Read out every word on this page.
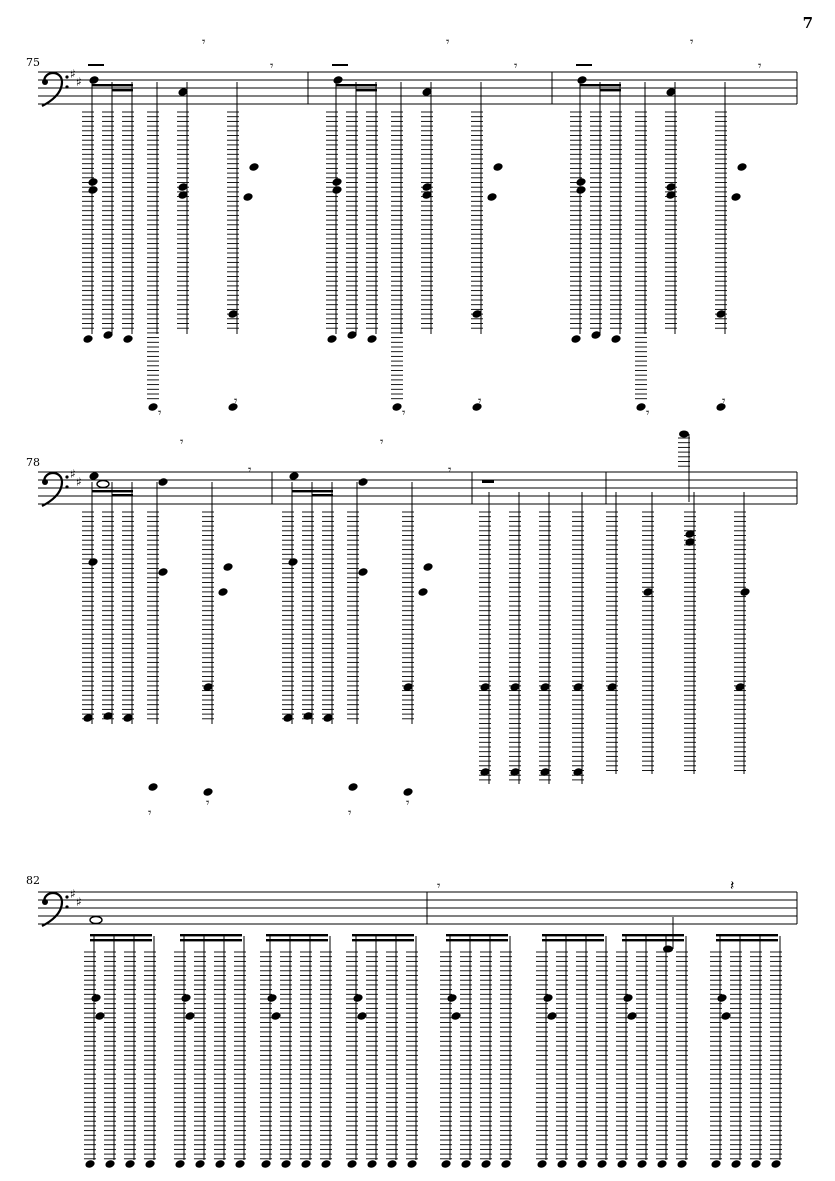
7
75
♯
♯
𝄾
𝄾
𝄾
𝄾
𝄾
𝄾
𝄾
𝄾
𝄾
𝄾
𝄾
𝄾
78
♯
♯
𝄾
𝄾
𝄾
𝄾
𝄾
𝄾
𝄾
𝄾
82
♯
♯
𝄾	𝄽
